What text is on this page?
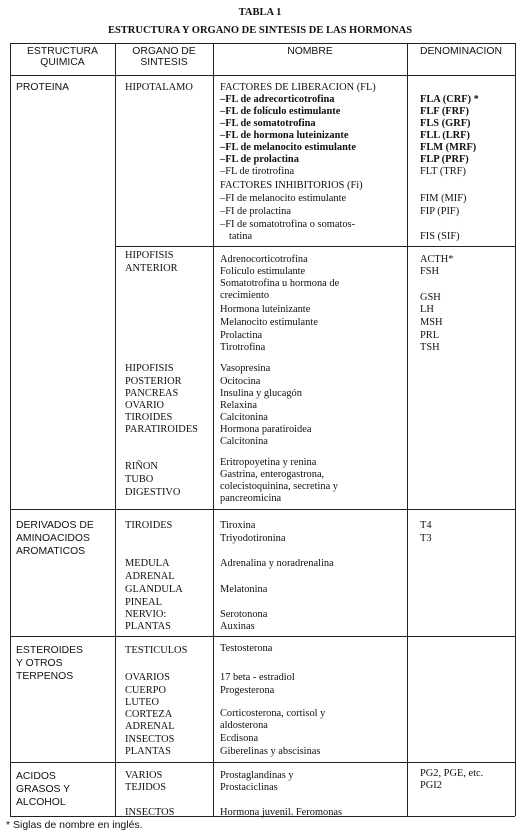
TABLA 1
ESTRUCTURA Y ORGANO DE SINTESIS DE LAS HORMONAS
ESTRUCTURA
QUIMICA
ORGANO DE
SINTESIS
NOMBRE	DENOMINACION
PROTEINA
DERIVADOS DE
AMINOACIDOS
AROMATICOS
ESTEROIDES
Y OTROS
TERPENOS
ACIDOS
GRASOS Y
ALCOHOL
HIPOTALAMO
HIPOFISIS
ANTERIOR
HIPOFISIS
POSTERIOR
PANCREAS
OVARIO
TIROIDES
PARATIROIDES
RIÑON
TUBO
DIGESTIVO
TIROIDES
MEDULA
ADRENAL
GLANDULA
PINEAL
NERVIO:
PLANTAS
TESTICULOS
OVARIOS
CUERPO
LUTEO
CORTEZA
ADRENAL
INSECTOS
PLANTAS
VARIOS
TEJIDOS
INSECTOS
FACTORES DE LIBERACION (FL)
–FL de adrecorticotrofina
–FL de folículo estimulante
–FL de somatotrofina
–FL de hormona luteinizante
–FL de melanocito estimulante
–FL de prolactina
–FL de tirotrofina
FACTORES INHIBITORIOS (Fi)
–FI de melanocito estimulante
–FI de prolactina
–FI de somatotrofina o somatos-
tatina
Adrenocorticotrofina
Folículo estimulante
Somatotrofina u hormona de
crecimiento
Hormona luteinizante
Melanocito estimulante
Prolactina
Tirotrofina
Vasopresina
Ocitocina
Insulina y glucagón
Relaxina
Calcitonina
Hormona paratiroidea
Calcitonina
Eritropoyetina y renina
Gastrina, enterogastrona,
colecistoquinina, secretina y
pancreomicina
Tiroxina
Triyodotironina
Adrenalina y noradrenalina
Melatonina
Serotonona
Auxinas
Testosterona
17 beta - estradiol
Progesterona
Corticosterona, cortisol y
aldosterona
Ecdisona
Giberelinas y abscisinas
Prostaglandinas y
Prostaciclinas
Hormona juvenil. Feromonas
FLA (CRF) *
FLF (FRF)
FLS (GRF)
FLL (LRF)
FLM (MRF)
FLP (PRF)
FLT (TRF)
FIM (MIF)
FIP (PIF)
FIS (SIF)
ACTH*
FSH
GSH
LH
MSH
PRL
TSH
T4
T3
PG2, PGE, etc.
PGI2
* Siglas de nombre en inglés.
